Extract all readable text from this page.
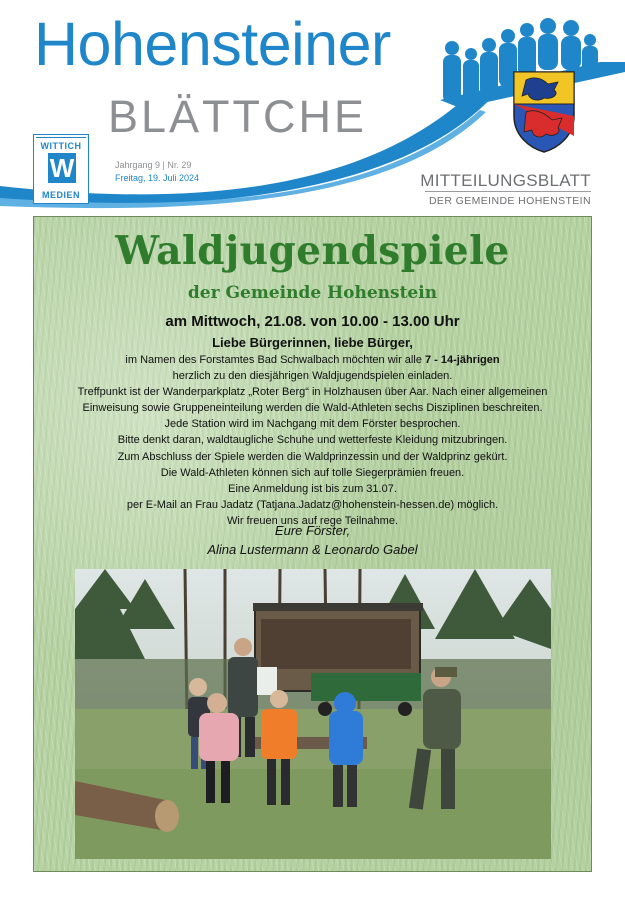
Hohensteiner
BLÄTTCHE
WITTICH
W
MEDIEN
Jahrgang 9 | Nr. 29
Freitag, 19. Juli 2024	MITTEILUNGSBLATT
DER GEMEINDE HOHENSTEIN
Waldjugendspiele
der Gemeinde Hohenstein
am Mittwoch, 21.08. von 10.00 - 13.00 Uhr
Liebe Bürgerinnen, liebe Bürger,
im Namen des Forstamtes Bad Schwalbach möchten wir alle 7 - 14-jährigen
herzlich zu den diesjährigen Waldjugendspielen einladen.
Treffpunkt ist der Wanderparkplatz „Roter Berg“ in Holzhausen über Aar. Nach einer allgemeinen
Einweisung sowie Gruppeneinteilung werden die Wald-Athleten sechs Disziplinen beschreiten.
Jede Station wird im Nachgang mit dem Förster besprochen.
Bitte denkt daran, waldtaugliche Schuhe und wetterfeste Kleidung mitzubringen.
Zum Abschluss der Spiele werden die Waldprinzessin und der Waldprinz gekürt.
Die Wald-Athleten können sich auf tolle Siegerprämien freuen.
Eine Anmeldung ist bis zum 31.07.
per E-Mail an Frau Jadatz (Tatjana.Jadatz@hohenstein-hessen.de) möglich.
Wir freuen uns auf rege Teilnahme.
Eure Förster,
Alina Lustermann & Leonardo Gabel
